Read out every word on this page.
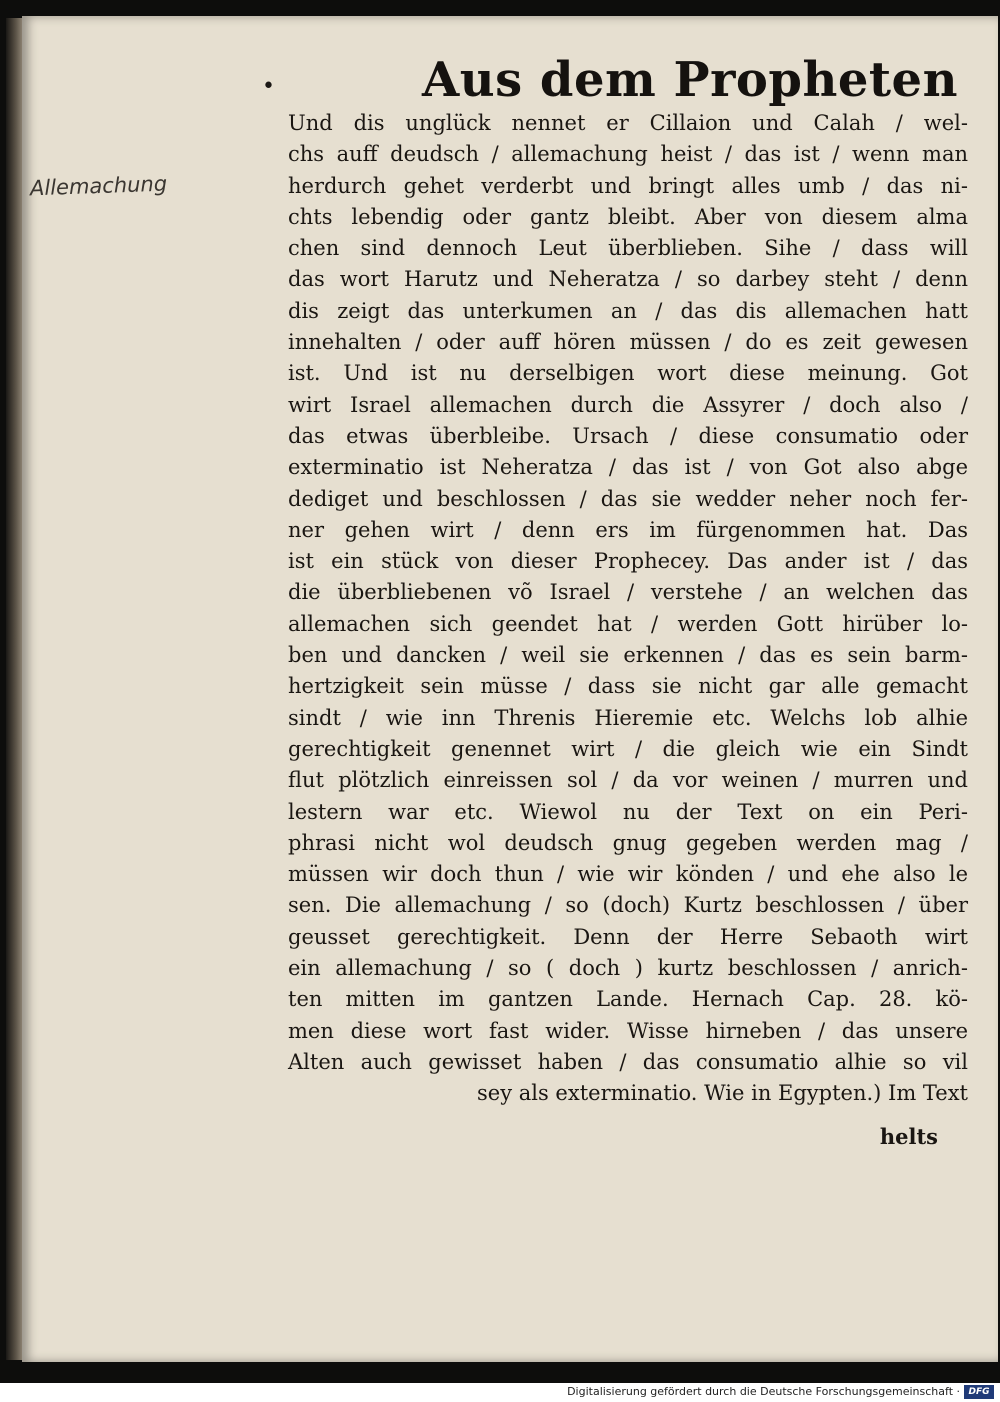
•	Aus dem Propheten
Allemachung
Und dis unglück nennet er Cillaion und Calah / wel-
chs auff deudsch / allemachung heist / das ist / wenn man
herdurch gehet verderbt und bringt alles umb / das ni-
chts lebendig oder gantz bleibt. Aber von diesem alma
chen sind dennoch Leut überblieben. Sihe / dass will
das wort Harutz und Neheratza / so darbey steht / denn
dis zeigt das unterkumen an / das dis allemachen hatt
innehalten / oder auff hören müssen / do es zeit gewesen
ist. Und ist nu derselbigen wort diese meinung. Got
wirt Israel allemachen durch die Assyrer / doch also /
das etwas überbleibe. Ursach / diese consumatio oder
exterminatio ist Neheratza / das ist / von Got also abge
dediget und beschlossen / das sie wedder neher noch fer-
ner gehen wirt / denn ers im fürgenommen hat. Das
ist ein stück von dieser Prophecey. Das ander ist / das
die überbliebenen võ Israel / verstehe / an welchen das
allemachen sich geendet hat / werden Gott hirüber lo-
ben und dancken / weil sie erkennen / das es sein barm-
hertzigkeit sein müsse / dass sie nicht gar alle gemacht
sindt / wie inn Threnis Hieremie etc. Welchs lob alhie
gerechtigkeit genennet wirt / die gleich wie ein Sindt
flut plötzlich einreissen sol / da vor weinen / murren und
lestern war etc. Wiewol nu der Text on ein Peri-
phrasi nicht wol deudsch gnug gegeben werden mag /
müssen wir doch thun / wie wir könden / und ehe also le
sen. Die allemachung / so (doch) Kurtz beschlossen / über
geusset gerechtigkeit. Denn der Herre Sebaoth wirt
ein allemachung / so ( doch ) kurtz beschlossen / anrich-
ten mitten im gantzen Lande. Hernach Cap. 28. kö-
men diese wort fast wider. Wisse hirneben / das unsere
Alten auch gewisset haben / das consumatio alhie so vil
sey als exterminatio. Wie in Egypten.) Im Text
helts
Digitalisierung gefördert durch die Deutsche Forschungsgemeinschaft · DFG
